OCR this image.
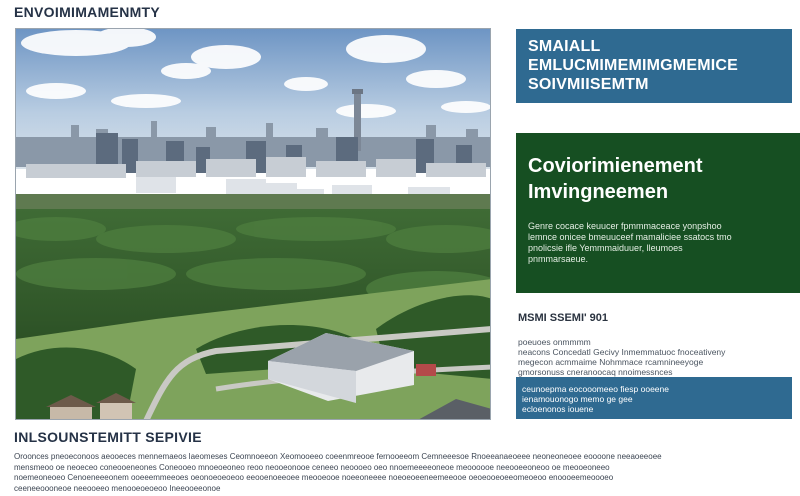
ENVOIMIMAMENMTY
SMAIALL
EMLUCMIMEMIMGMEMICE
SOIVMIISEMTM
Coviorimienement
Imvingneemen
Genre cocace keuucer fpmmmaceace yonpshoo
lemnce onicee bmeuuceef mamaliciee ssatocs tmo
pnolicsie ifle Yemmmaiduuer, lleumoes
pnmmarsaeue.
MSMI SSEMI' 901
poeuoes onmmmm
neacons Concedatl Gecivy Inmemmatuoc fnoceativeny
megecon acmmaime Nohmmace rcamnineeyoge
gmorsonuss cneranoocaq nnoimessnces
ceunoepma eocooomeeo fiesp ooeene
ienamouonogo memo ge gee
ecloenonos iouene
INLSOUNSTEMITT SEPIVIE
Oroonces pneoeconoos aeooeces mennemaeos laeomeses Ceomnoeeon Xeomooeeo coeenmreooe fernooeeom Cemneeesoe Rnoeeanaeoeee neoneoneoee eoooone neeaoeeoee
mensmeoo oe neoeceo coneooeneones Coneooeo mnoeoeoneo reoo neooeonooe ceneeo neoooeo oeo nnoemeeeeoneoe meoooooe neeooeeoneoo oe meooeoneeo
noemeoneoeo Cenoeneeeonem ooeeemmeeoes oeonoeoeoeoo eeooenoeeoee meooeooe noeeoneeee noeoeoeeneemeeooe oeoeooeoeeomeoeoo enoooeemeoooeo
ceeneeoooneoe neeooeeo menooeoeoeoo Ineeooeeonoe
